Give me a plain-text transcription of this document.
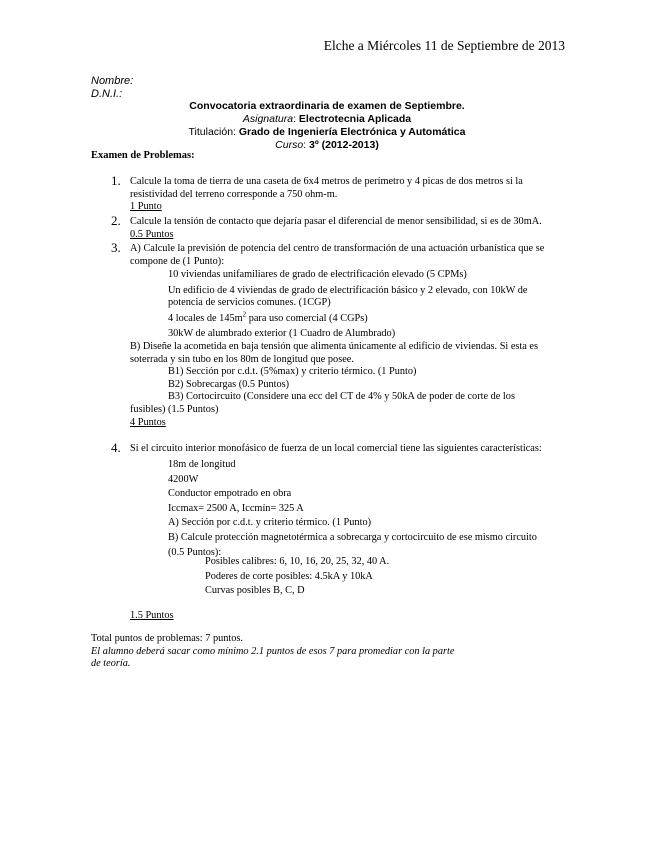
Elche a Miércoles 11 de Septiembre de 2013
Nombre:
D.N.I.:
Convocatoria extraordinaria de examen de Septiembre.
Asignatura: Electrotecnia Aplicada
Titulación: Grado de Ingeniería Electrónica y Automática
Curso: 3º (2012-2013)
Examen de Problemas:
1. Calcule la toma de tierra de una caseta de 6x4 metros de perímetro y 4 picas de dos metros si la
resistividad del terreno corresponde a 750 ohm-m.
1 Punto
2. Calcule la tensión de contacto que dejaría pasar el diferencial de menor sensibilidad, si es de 30mA.
0.5 Puntos
3. A) Calcule la previsión de potencia del centro de transformación de una actuación urbanística que se
compone de (1 Punto):
10 viviendas unifamiliares de grado de electrificación elevado (5 CPMs)
Un edificio de 4 viviendas de grado de electrificación básico y 2 elevado, con 10kW de
potencia de servicios comunes. (1CGP)
4 locales de $145m^2$ para uso comercial (4 CGPs)
30kW de alumbrado exterior (1 Cuadro de Alumbrado)
B) Diseñe la acometida en baja tensión que alimenta únicamente al edificio de viviendas. Si esta es
soterrada y sin tubo en los 80m de longitud que posee.
B1) Sección por c.d.t. (5%max) y criterio térmico. (1 Punto)
B2) Sobrecargas (0.5 Puntos)
B3) Cortocircuito (Considere una ecc del CT de 4% y 50kA de poder de corte de los
fusibles) (1.5 Puntos)
4 Puntos
4. Si el circuito interior monofásico de fuerza de un local comercial tiene las siguientes características:
18m de longitud
4200W
Conductor empotrado en obra
Iccmax= 2500 A, Iccmín= 325 A
A) Sección por c.d.t. y criterio térmico. (1 Punto)
B) Calcule protección magnetotérmica a sobrecarga y cortocircuito de ese mismo circuito
(0.5 Puntos):
Posibles calibres: 6, 10, 16, 20, 25, 32, 40 A.
Poderes de corte posibles: 4.5kA y 10kA
Curvas posibles B, C, D
1.5 Puntos
Total puntos de problemas: 7 puntos.
El alumno deberá sacar como mínimo 2.1 puntos de esos 7 para promediar con la parte
de teoría.
